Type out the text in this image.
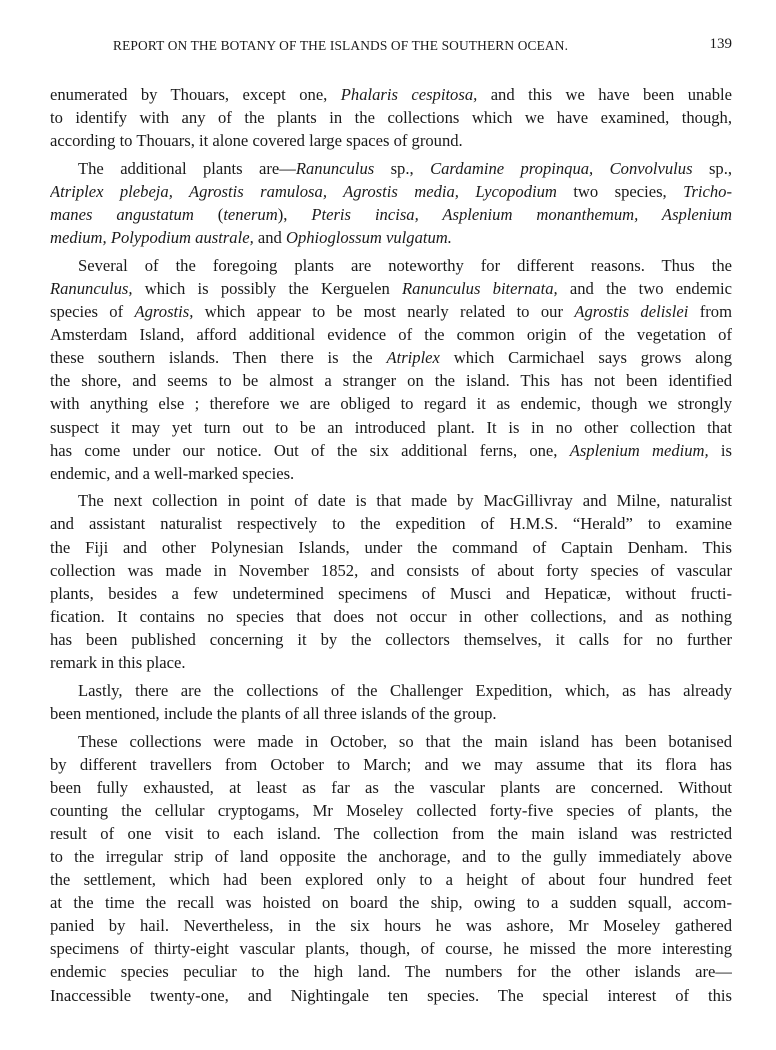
REPORT ON THE BOTANY OF THE ISLANDS OF THE SOUTHERN OCEAN.	139
enumerated by Thouars, except one, Phalaris cespitosa, and this we have been unable
to identify with any of the plants in the collections which we have examined, though,
according to Thouars, it alone covered large spaces of ground.
The additional plants are—Ranunculus sp., Cardamine propinqua, Convolvulus sp.,
Atriplex plebeja, Agrostis ramulosa, Agrostis media, Lycopodium two species, Tricho-
manes angustatum (tenerum), Pteris incisa, Asplenium monanthemum, Asplenium
medium, Polypodium australe, and Ophioglossum vulgatum.
Several of the foregoing plants are noteworthy for different reasons. Thus the
Ranunculus, which is possibly the Kerguelen Ranunculus biternata, and the two endemic
species of Agrostis, which appear to be most nearly related to our Agrostis delislei from
Amsterdam Island, afford additional evidence of the common origin of the vegetation of
these southern islands. Then there is the Atriplex which Carmichael says grows along
the shore, and seems to be almost a stranger on the island. This has not been identified
with anything else ; therefore we are obliged to regard it as endemic, though we strongly
suspect it may yet turn out to be an introduced plant. It is in no other collection that
has come under our notice. Out of the six additional ferns, one, Asplenium medium, is
endemic, and a well-marked species.
The next collection in point of date is that made by MacGillivray and Milne, naturalist
and assistant naturalist respectively to the expedition of H.M.S. “Herald” to examine
the Fiji and other Polynesian Islands, under the command of Captain Denham. This
collection was made in November 1852, and consists of about forty species of vascular
plants, besides a few undetermined specimens of Musci and Hepaticæ, without fructi-
fication. It contains no species that does not occur in other collections, and as nothing
has been published concerning it by the collectors themselves, it calls for no further
remark in this place.
Lastly, there are the collections of the Challenger Expedition, which, as has already
been mentioned, include the plants of all three islands of the group.
These collections were made in October, so that the main island has been botanised
by different travellers from October to March; and we may assume that its flora has
been fully exhausted, at least as far as the vascular plants are concerned. Without
counting the cellular cryptogams, Mr Moseley collected forty-five species of plants, the
result of one visit to each island. The collection from the main island was restricted
to the irregular strip of land opposite the anchorage, and to the gully immediately above
the settlement, which had been explored only to a height of about four hundred feet
at the time the recall was hoisted on board the ship, owing to a sudden squall, accom-
panied by hail. Nevertheless, in the six hours he was ashore, Mr Moseley gathered
specimens of thirty-eight vascular plants, though, of course, he missed the more interesting
endemic species peculiar to the high land. The numbers for the other islands are—
Inaccessible twenty-one, and Nightingale ten species. The special interest of this
